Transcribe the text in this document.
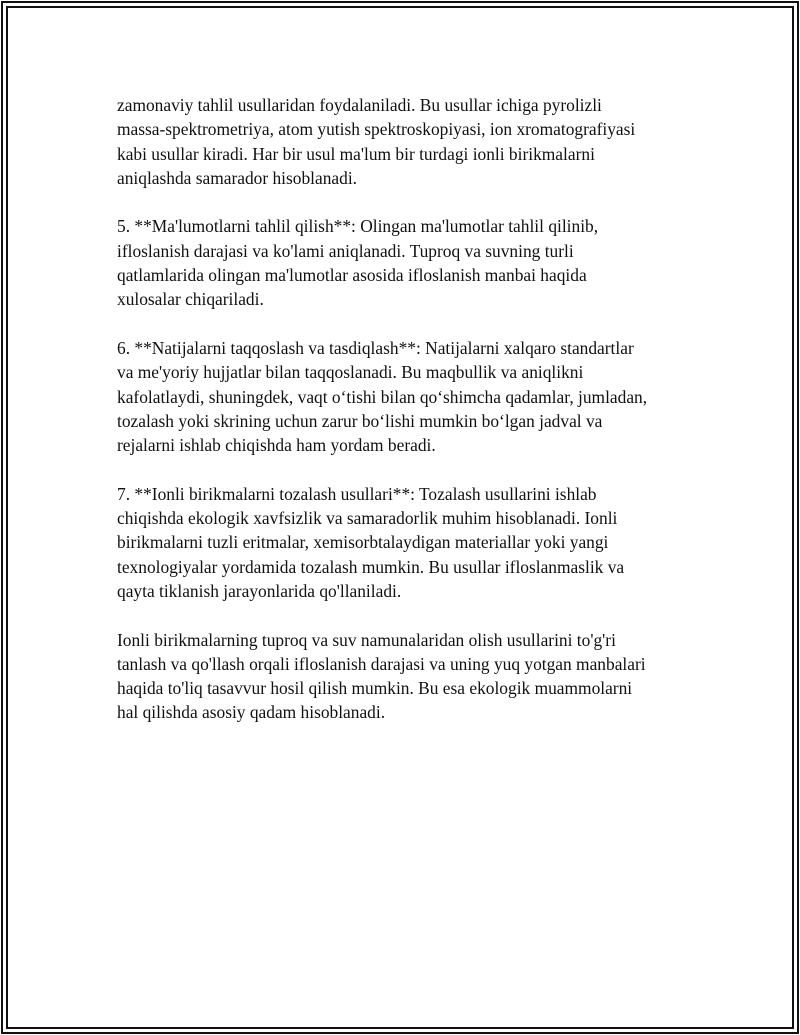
zamonaviy tahlil usullaridan foydalaniladi. Bu usullar ichiga pyrolizli
massa-spektrometriya, atom yutish spektroskopiyasi, ion xromatografiyasi
kabi usullar kiradi. Har bir usul ma'lum bir turdagi ionli birikmalarni
aniqlashda samarador hisoblanadi.

5. **Ma'lumotlarni tahlil qilish**: Olingan ma'lumotlar tahlil qilinib,
ifloslanish darajasi va ko'lami aniqlanadi. Tuproq va suvning turli
qatlamlarida olingan ma'lumotlar asosida ifloslanish manbai haqida
xulosalar chiqariladi.

6. **Natijalarni taqqoslash va tasdiqlash**: Natijalarni xalqaro standartlar
va me'yoriy hujjatlar bilan taqqoslanadi. Bu maqbullik va aniqlikni
kafolatlaydi, shuningdek, vaqt o‘tishi bilan qo‘shimcha qadamlar, jumladan,
tozalash yoki skrining uchun zarur bo‘lishi mumkin bo‘lgan jadval va
rejalarni ishlab chiqishda ham yordam beradi.

7. **Ionli birikmalarni tozalash usullari**: Tozalash usullarini ishlab
chiqishda ekologik xavfsizlik va samaradorlik muhim hisoblanadi. Ionli
birikmalarni tuzli eritmalar, xemisorbtalaydigan materiallar yoki yangi
texnologiyalar yordamida tozalash mumkin. Bu usullar ifloslanmaslik va
qayta tiklanish jarayonlarida qo'llaniladi.

Ionli birikmalarning tuproq va suv namunalaridan olish usullarini to'g'ri
tanlash va qo'llash orqali ifloslanish darajasi va uning yuq yotgan manbalari
haqida to'liq tasavvur hosil qilish mumkin. Bu esa ekologik muammolarni
hal qilishda asosiy qadam hisoblanadi.
